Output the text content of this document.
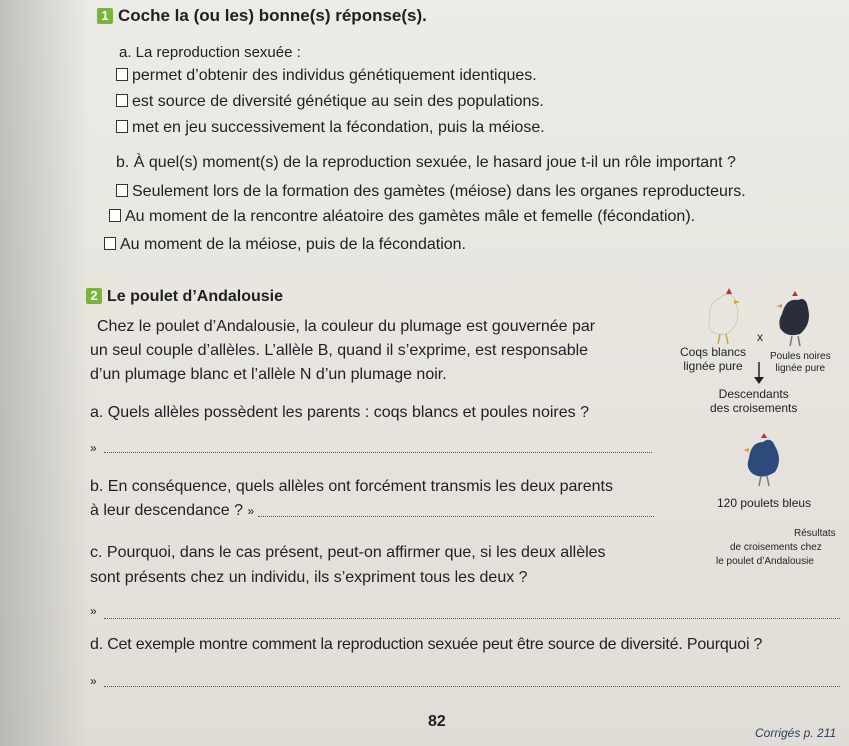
1 Coche la (ou les) bonne(s) réponse(s).
a. La reproduction sexuée :
permet d’obtenir des individus génétiquement identiques.
est source de diversité génétique au sein des populations.
met en jeu successivement la fécondation, puis la méiose.
b. À quel(s) moment(s) de la reproduction sexuée, le hasard joue t-il un rôle important ?
Seulement lors de la formation des gamètes (méiose) dans les organes reproducteurs.
Au moment de la rencontre aléatoire des gamètes mâle et femelle (fécondation).
Au moment de la méiose, puis de la fécondation.
2 Le poulet d’Andalousie
Chez le poulet d’Andalousie, la couleur du plumage est gouvernée par
un seul couple d’allèles. L’allèle B, quand il s’exprime, est responsable
d’un plumage blanc et l’allèle N d’un plumage noir.
a. Quels allèles possèdent les parents : coqs blancs et poules noires ?
»
b. En conséquence, quels allèles ont forcément transmis les deux parents
à leur descendance ? »
c. Pourquoi, dans le cas présent, peut-on affirmer que, si les deux allèles
sont présents chez un individu, ils s’expriment tous les deux ?
»
d. Cet exemple montre comment la reproduction sexuée peut être source de diversité. Pourquoi ?
»
x
Coqs blancs
lignée pure
Poules noires
lignée pure
Descendants
des croisements
120 poulets bleus
Résultats
de croisements chez
le poulet d’Andalousie
82
Corrigés p. 211
